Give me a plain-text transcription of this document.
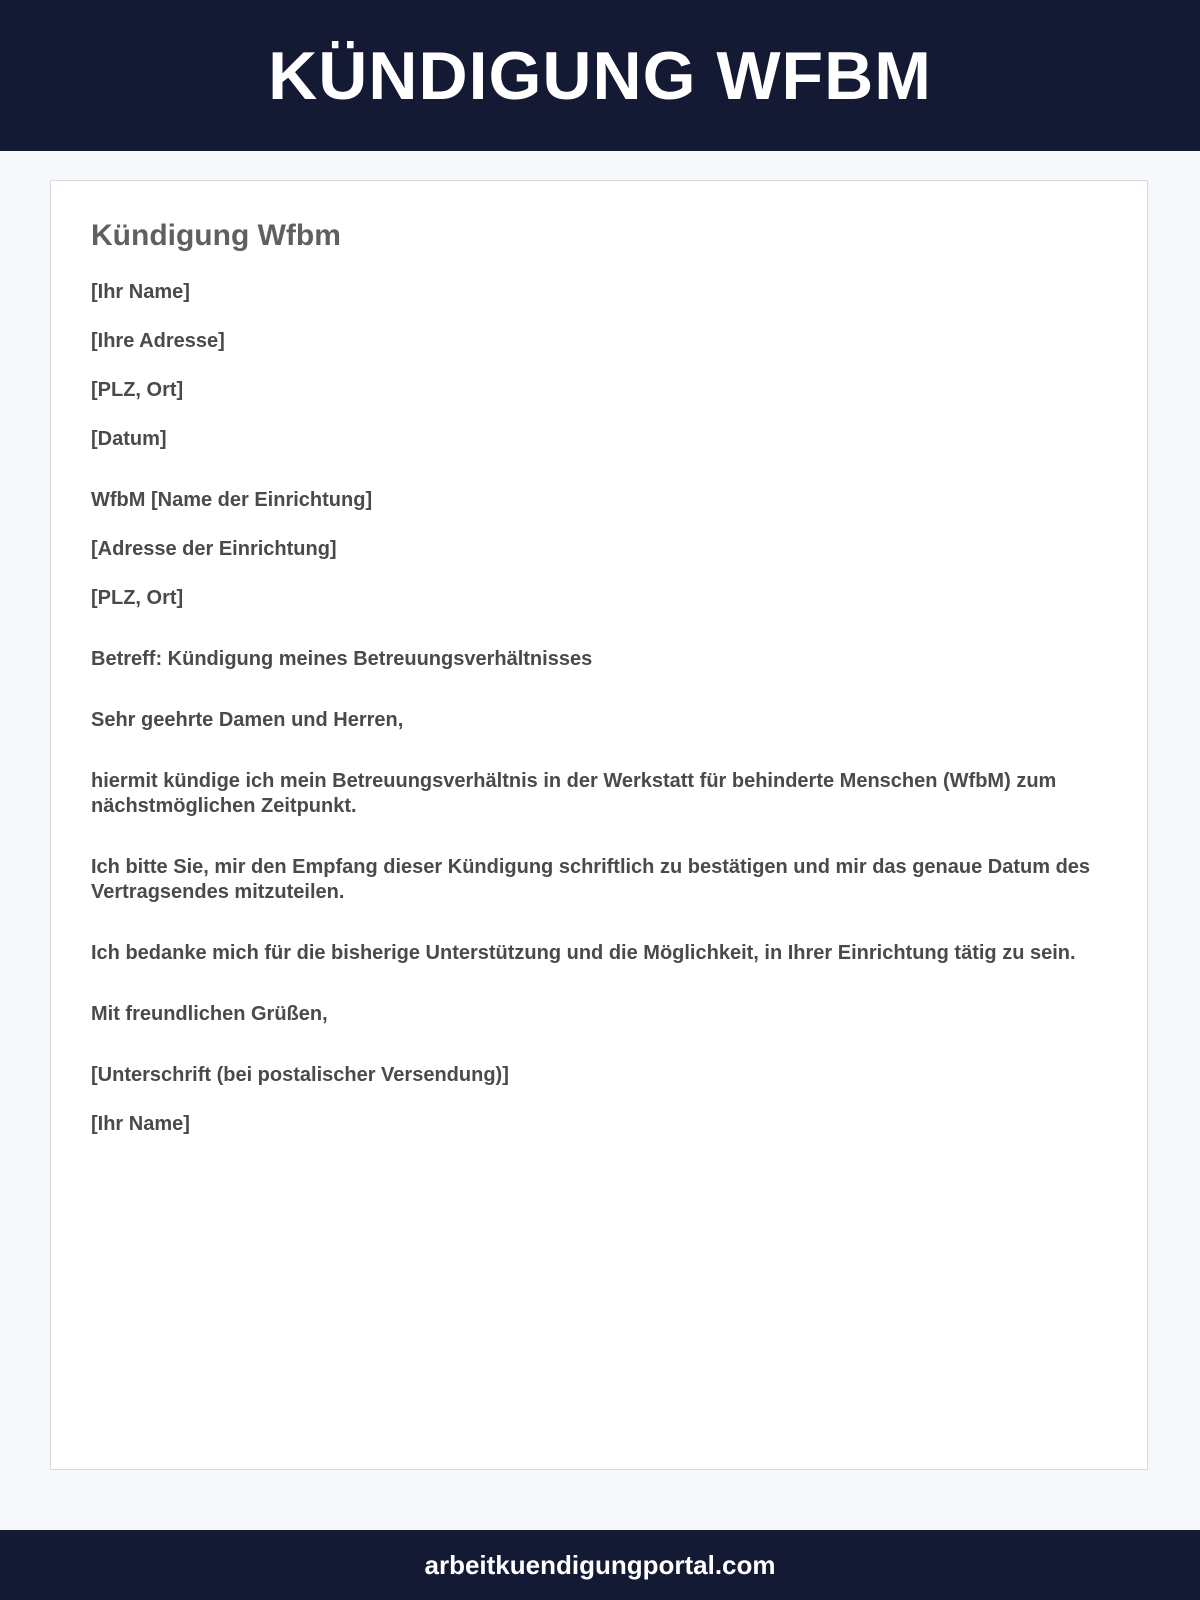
KÜNDIGUNG WFBM
Kündigung Wfbm

[Ihr Name]

[Ihre Adresse]

[PLZ, Ort]

[Datum]

WfbM [Name der Einrichtung]

[Adresse der Einrichtung]

[PLZ, Ort]

Betreff: Kündigung meines Betreuungsverhältnisses

Sehr geehrte Damen und Herren,

hiermit kündige ich mein Betreuungsverhältnis in der Werkstatt für behinderte Menschen (WfbM) zum nächstmöglichen Zeitpunkt.

Ich bitte Sie, mir den Empfang dieser Kündigung schriftlich zu bestätigen und mir das genaue Datum des Vertragsendes mitzuteilen.

Ich bedanke mich für die bisherige Unterstützung und die Möglichkeit, in Ihrer Einrichtung tätig zu sein.

Mit freundlichen Grüßen,

[Unterschrift (bei postalischer Versendung)]

[Ihr Name]

arbeitkuendigungportal.com
